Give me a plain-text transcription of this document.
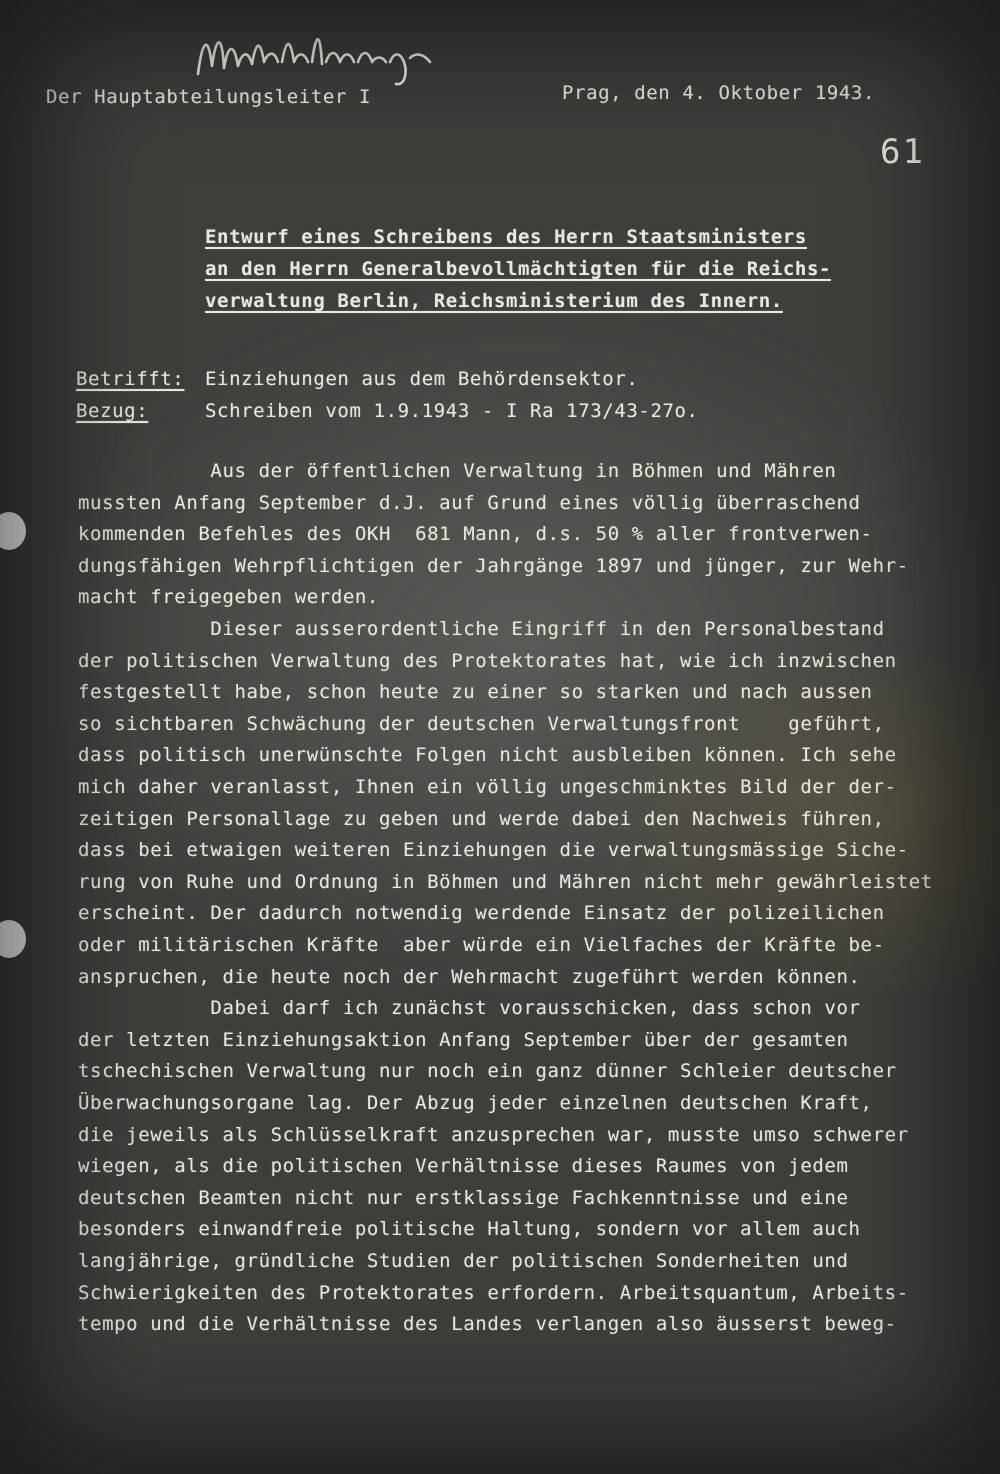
Der Hauptabteilungsleiter I	Prag, den 4. Oktober 1943.

61

Entwurf eines Schreibens des Herrn Staatsministers

an den Herrn Generalbevollmächtigten für die Reichs-

verwaltung Berlin, Reichsministerium des Innern.

Betrifft: Einziehungen aus dem Behördensektor.

Bezug:	Schreiben vom 1.9.1943 - I Ra 173/43-27o.

Aus der öffentlichen Verwaltung in Böhmen und Mähren

mussten Anfang September d.J. auf Grund eines völlig überraschend

kommenden Befehles des OKH  681 Mann, d.s. 50 % aller frontverwen-

dungsfähigen Wehrpflichtigen der Jahrgänge 1897 und jünger, zur Wehr-

macht freigegeben werden.

Dieser ausserordentliche Eingriff in den Personalbestand

der politischen Verwaltung des Protektorates hat, wie ich inzwischen

festgestellt habe, schon heute zu einer so starken und nach aussen

so sichtbaren Schwächung der deutschen Verwaltungsfront    geführt,

dass politisch unerwünschte Folgen nicht ausbleiben können. Ich sehe

mich daher veranlasst, Ihnen ein völlig ungeschminktes Bild der der-

zeitigen Personallage zu geben und werde dabei den Nachweis führen,

dass bei etwaigen weiteren Einziehungen die verwaltungsmässige Siche-

rung von Ruhe und Ordnung in Böhmen und Mähren nicht mehr gewährleistet

erscheint. Der dadurch notwendig werdende Einsatz der polizeilichen

oder militärischen Kräfte  aber würde ein Vielfaches der Kräfte be-

anspruchen, die heute noch der Wehrmacht zugeführt werden können.

Dabei darf ich zunächst vorausschicken, dass schon vor

der letzten Einziehungsaktion Anfang September über der gesamten

tschechischen Verwaltung nur noch ein ganz dünner Schleier deutscher

Überwachungsorgane lag. Der Abzug jeder einzelnen deutschen Kraft,

die jeweils als Schlüsselkraft anzusprechen war, musste umso schwerer

wiegen, als die politischen Verhältnisse dieses Raumes von jedem

deutschen Beamten nicht nur erstklassige Fachkenntnisse und eine

besonders einwandfreie politische Haltung, sondern vor allem auch

langjährige, gründliche Studien der politischen Sonderheiten und

Schwierigkeiten des Protektorates erfordern. Arbeitsquantum, Arbeits-

tempo und die Verhältnisse des Landes verlangen also äusserst beweg-
